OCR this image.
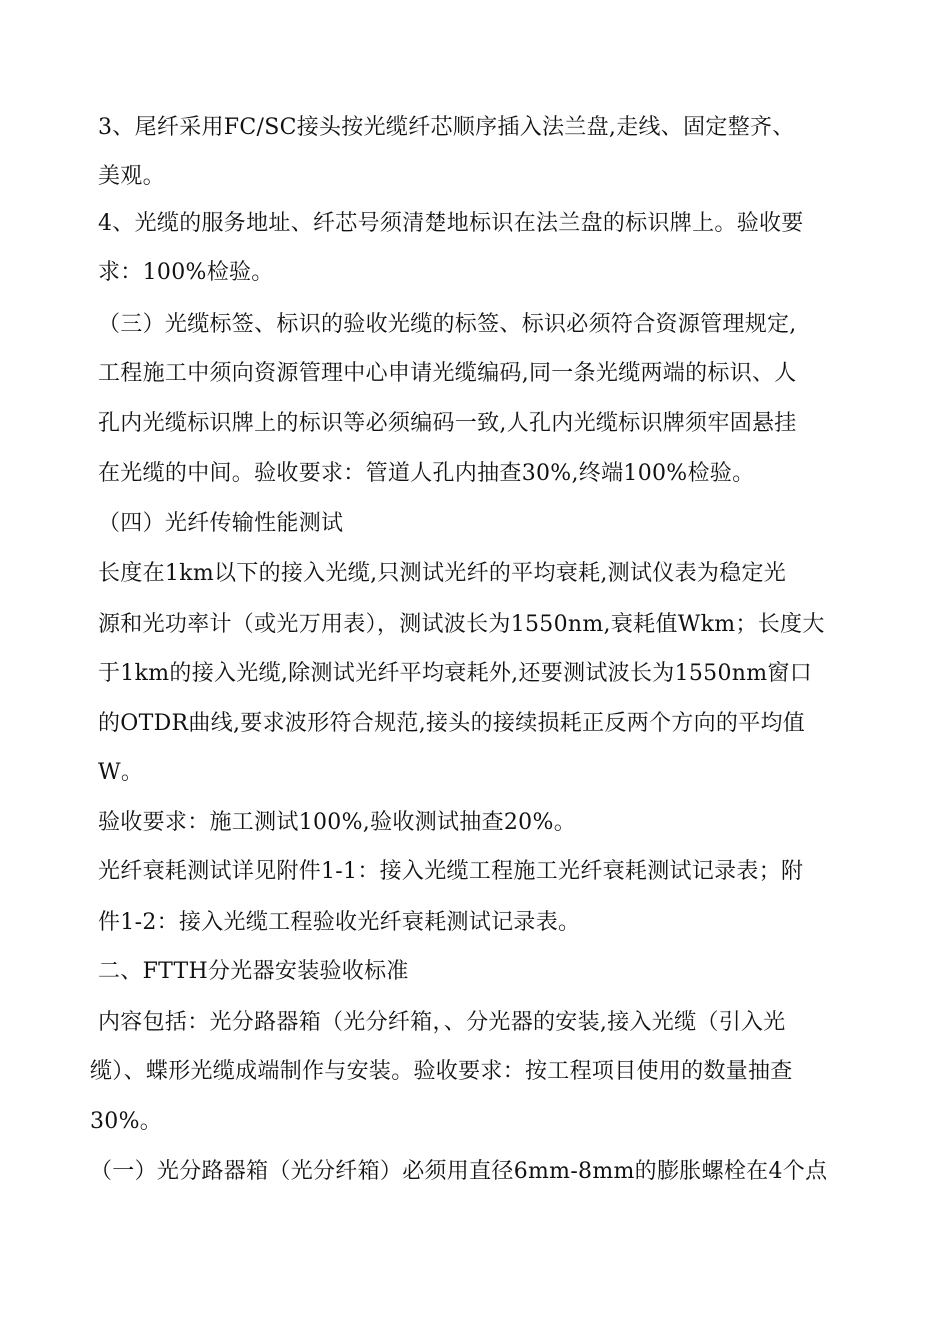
3、尾纤采用FC/SC接头按光缆纤芯顺序插入法兰盘,走线、固定整齐、
美观。
4、光缆的服务地址、纤芯号须清楚地标识在法兰盘的标识牌上。验收要
求：100%检验。
（三）光缆标签、标识的验收光缆的标签、标识必须符合资源管理规定,
工程施工中须向资源管理中心申请光缆编码,同一条光缆两端的标识、人
孔内光缆标识牌上的标识等必须编码一致,人孔内光缆标识牌须牢固悬挂
在光缆的中间。验收要求：管道人孔内抽查30%,终端100%检验。
（四）光纤传输性能测试
长度在1km以下的接入光缆,只测试光纤的平均衰耗,测试仪表为稳定光
源和光功率计（或光万用表），测试波长为1550nm,衰耗值Wkm；长度大
于1km的接入光缆,除测试光纤平均衰耗外,还要测试波长为1550nm窗口
的OTDR曲线,要求波形符合规范,接头的接续损耗正反两个方向的平均值
W。
验收要求：施工测试100%,验收测试抽查20%。
光纤衰耗测试详见附件1-1：接入光缆工程施工光纤衰耗测试记录表；附
件1-2：接入光缆工程验收光纤衰耗测试记录表。
二、FTTH分光器安装验收标准
内容包括：光分路器箱（光分纤箱，、分光器的安装,接入光缆（引入光
缆）、蝶形光缆成端制作与安装。验收要求：按工程项目使用的数量抽查
30%。
（一）光分路器箱（光分纤箱）必须用直径6mm-8mm的膨胀螺栓在4个点
